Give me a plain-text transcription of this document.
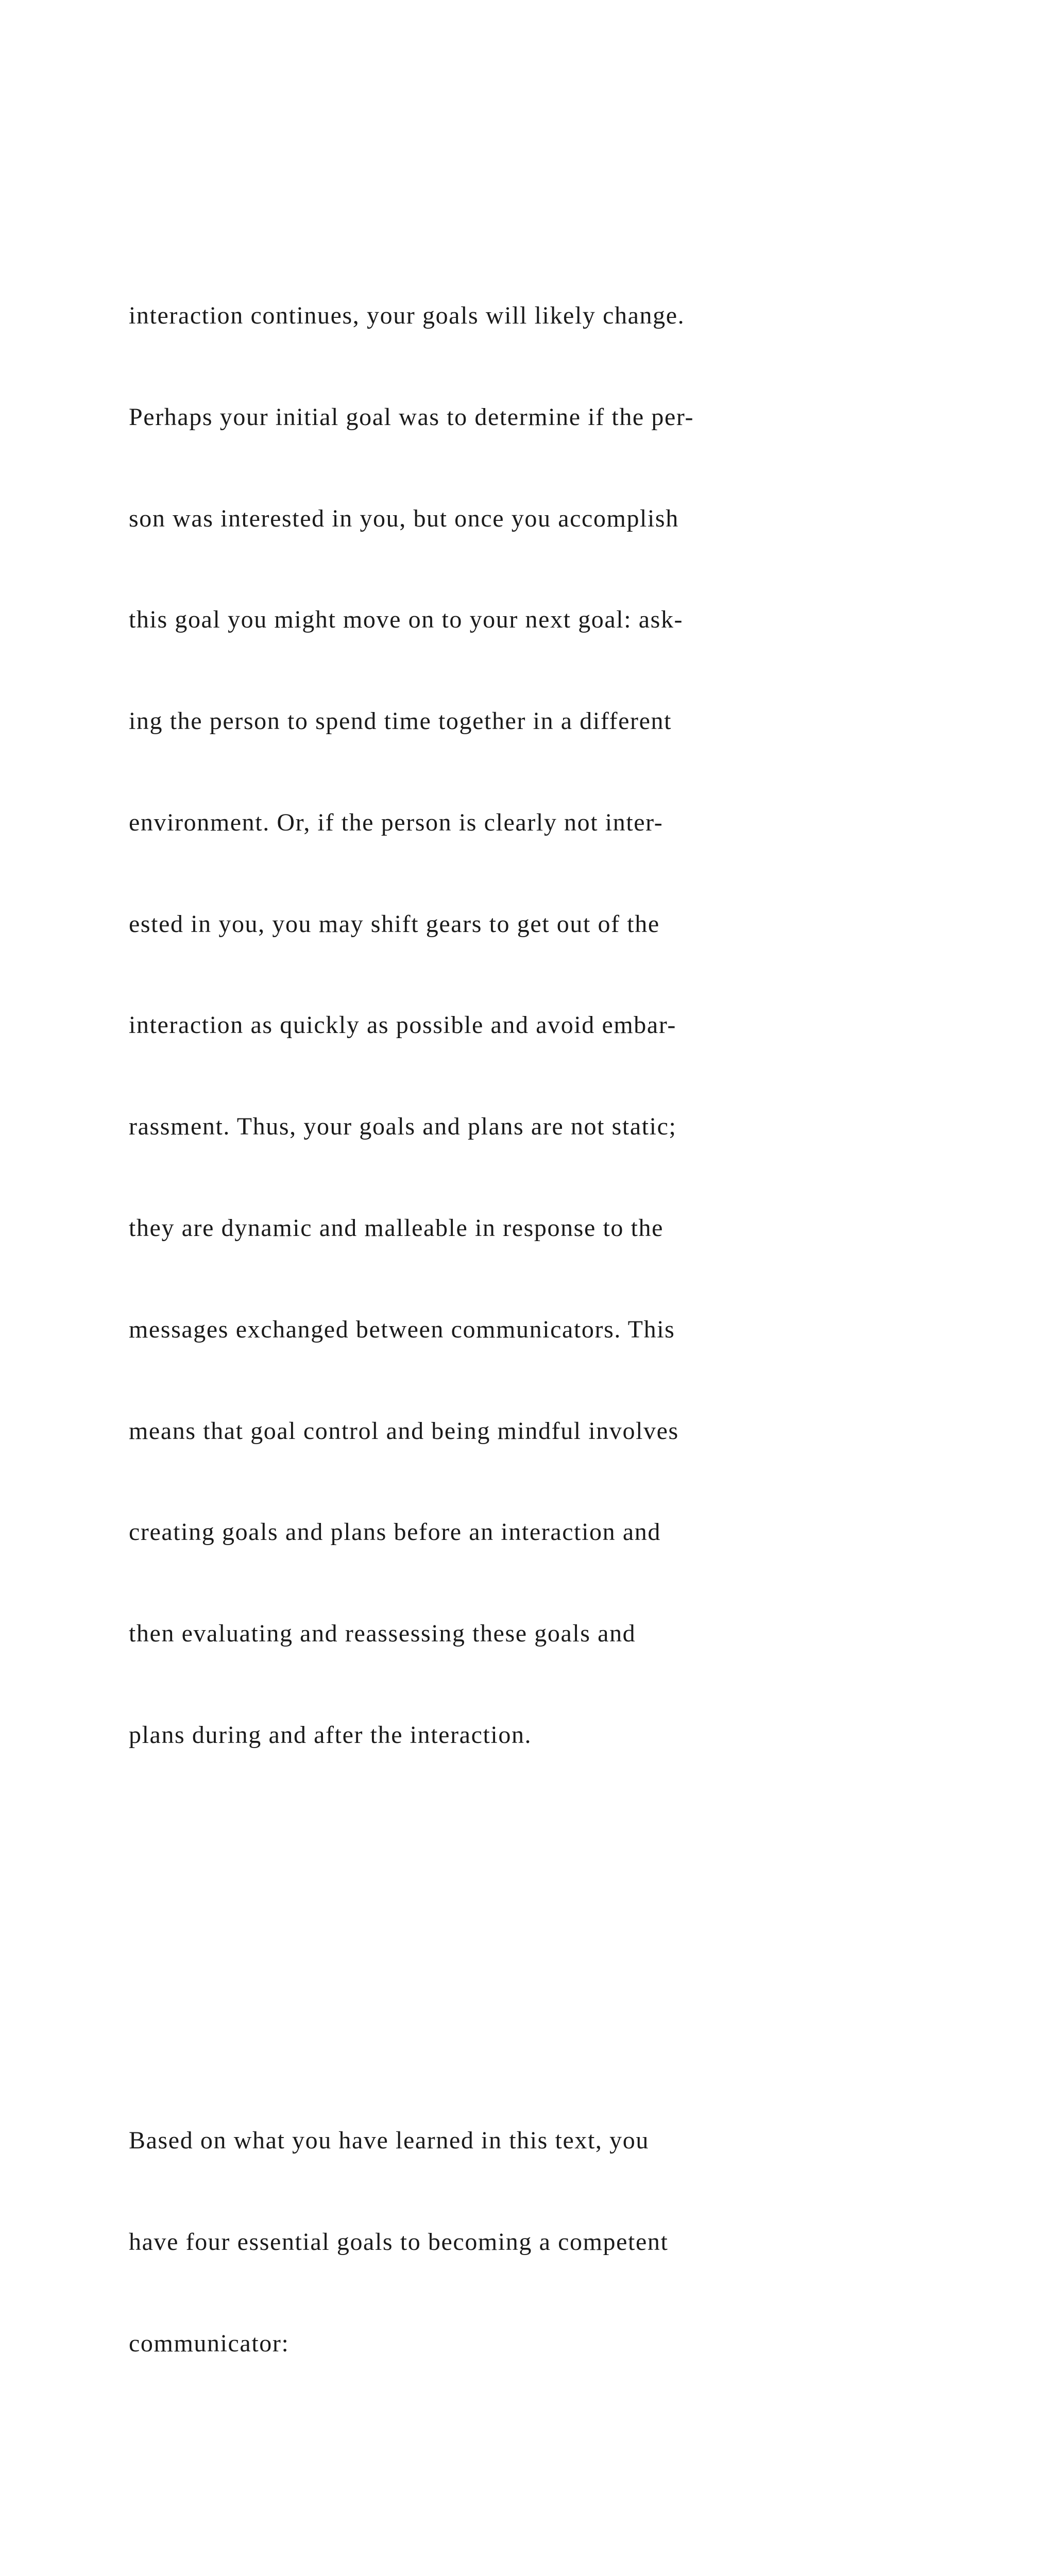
interaction continues, your goals will likely change.

Perhaps your initial goal was to determine if the per-

son was interested in you, but once you accomplish

this goal you might move on to your next goal: ask-

ing the person to spend time together in a different

environment. Or, if the person is clearly not inter-

ested in you, you may shift gears to get out of the

interaction as quickly as possible and avoid embar-

rassment. Thus, your goals and plans are not static;

they are dynamic and malleable in response to the

messages exchanged between communicators. This

means that goal control and being mindful involves

creating goals and plans before an interaction and

then evaluating and reassessing these goals and

plans during and after the interaction.

Based on what you have learned in this text, you

have four essential goals to becoming a competent

communicator:
